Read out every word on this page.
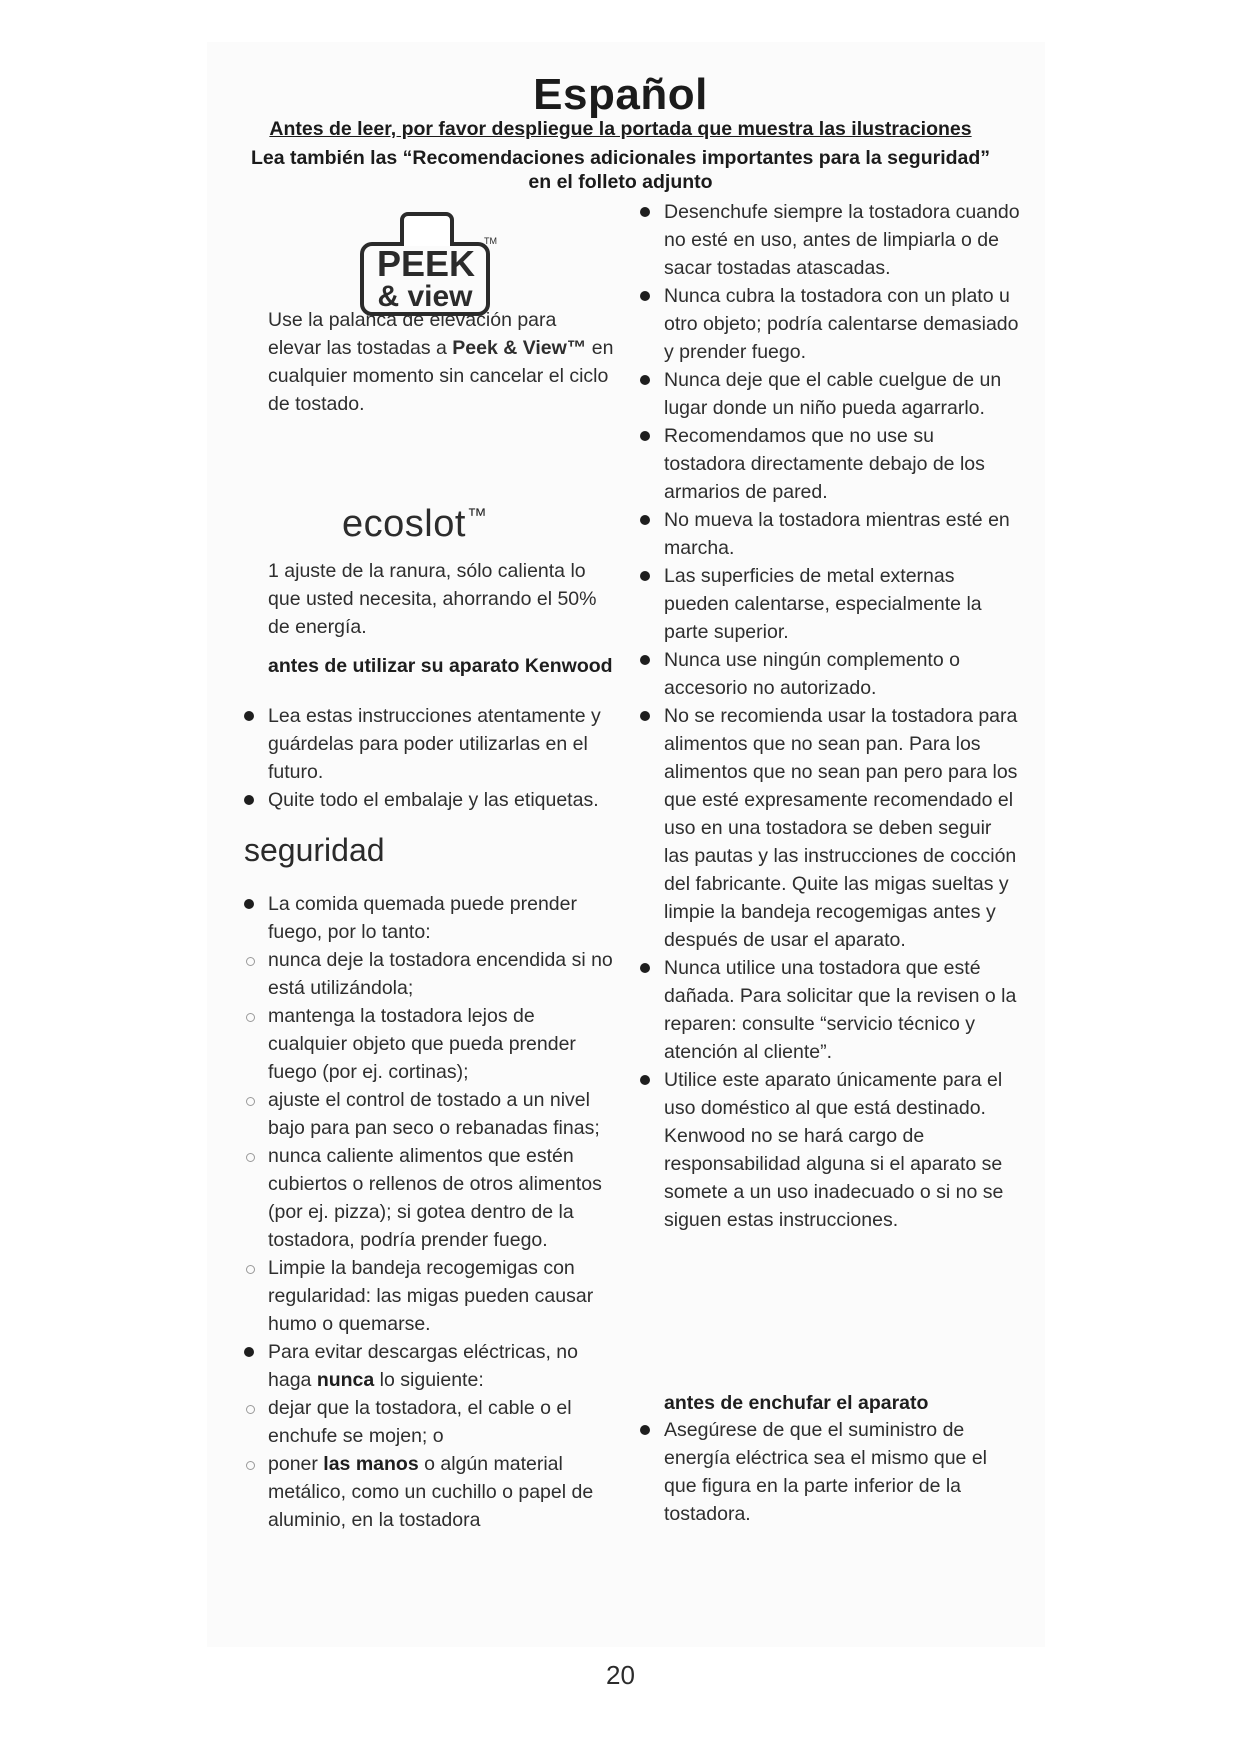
Español

Antes de leer, por favor despliegue la portada que muestra las ilustraciones

Lea también las “Recomendaciones adicionales importantes para la seguridad” en el folleto adjunto

PEEK
TM
& view

Use la palanca de elevación para elevar las tostadas a Peek & View™ en cualquier momento sin cancelar el ciclo de tostado.

ecoslot™

1 ajuste de la ranura, sólo calienta lo que usted necesita, ahorrando el 50% de energía.

antes de utilizar su aparato Kenwood

Lea estas instrucciones atentamente y guárdelas para poder utilizarlas en el futuro.
Quite todo el embalaje y las etiquetas.
seguridad
La comida quemada puede prender fuego, por lo tanto:
nunca deje la tostadora encendida si no está utilizándola;
mantenga la tostadora lejos de cualquier objeto que pueda prender fuego (por ej. cortinas);
ajuste el control de tostado a un nivel bajo para pan seco o rebanadas finas;
nunca caliente alimentos que estén cubiertos o rellenos de otros alimentos (por ej. pizza); si gotea dentro de la tostadora, podría prender fuego.
Limpie la bandeja recogemigas con regularidad: las migas pueden causar humo o quemarse.
Para evitar descargas eléctricas, no haga nunca lo siguiente:
dejar que la tostadora, el cable o el enchufe se mojen; o
poner las manos o algún material metálico, como un cuchillo o papel de aluminio, en la tostadora
Desenchufe siempre la tostadora cuando no esté en uso, antes de limpiarla o de sacar tostadas atascadas.
Nunca cubra la tostadora con un plato u otro objeto; podría calentarse demasiado y prender fuego.
Nunca deje que el cable cuelgue de un lugar donde un niño pueda agarrarlo.
Recomendamos que no use su tostadora directamente debajo de los armarios de pared.
No mueva la tostadora mientras esté en marcha.
Las superficies de metal externas pueden calentarse, especialmente la parte superior.
Nunca use ningún complemento o accesorio no autorizado.
No se recomienda usar la tostadora para alimentos que no sean pan. Para los alimentos que no sean pan pero para los que esté expresamente recomendado el uso en una tostadora se deben seguir las pautas y las instrucciones de cocción del fabricante. Quite las migas sueltas y limpie la bandeja recogemigas antes y después de usar el aparato.
Nunca utilice una tostadora que esté dañada. Para solicitar que la revisen o la reparen: consulte “servicio técnico y atención al cliente”.
Utilice este aparato únicamente para el uso doméstico al que está destinado. Kenwood no se hará cargo de responsabilidad alguna si el aparato se somete a un uso inadecuado o si no se siguen estas instrucciones.

antes de enchufar el aparato

Asegúrese de que el suministro de energía eléctrica sea el mismo que el que figura en la parte inferior de la tostadora.

20
